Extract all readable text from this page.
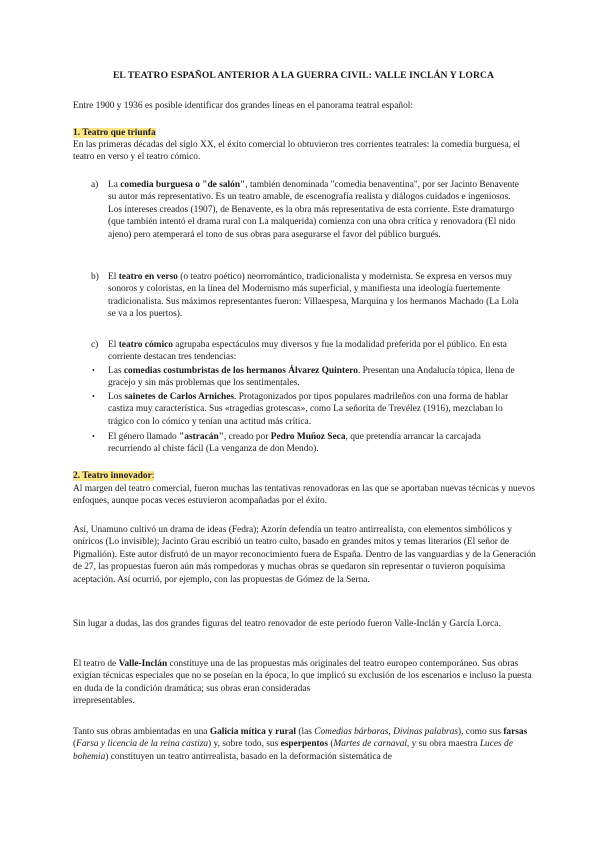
EL TEATRO ESPAÑOL ANTERIOR A LA GUERRA CIVIL: VALLE INCLÁN Y LORCA
Entre 1900 y 1936 es posible identificar dos grandes líneas en el panorama teatral español:
1. Teatro que triunfa
En las primeras décadas del siglo XX, el éxito comercial lo obtuvieron tres corrientes teatrales: la comedia burguesa, el teatro en verso y el teatro cómico.
a) La comedia burguesa o "de salón", también denominada "comedia benaventina", por ser Jacinto Benavente su autor más representativo. Es un teatro amable, de escenografía realista y diálogos cuidados e ingeniosos. Los intereses creados (1907), de Benavente, es la obra más representativa de esta corriente. Este dramaturgo (que también intentó el drama rural con La malquerida) comienza con una obra crítica y renovadora (El nido ajeno) pero atemperará el tono de sus obras para asegurarse el favor del público burgués.
b) El teatro en verso (o teatro poético) neorromántico, tradicionalista y modernista. Se expresa en versos muy sonoros y coloristas, en la línea del Modernismo más superficial, y manifiesta una ideología fuertemente tradicionalista. Sus máximos representantes fueron: Villaespesa, Marquina y los hermanos Machado (La Lola se va a los puertos).
c) El teatro cómico agrupaba espectáculos muy diversos y fue la modalidad preferida por el público. En esta corriente destacan tres tendencias:
• Las comedias costumbristas de los hermanos Álvarez Quintero. Presentan una Andalucía tópica, llena de gracejo y sin más problemas que los sentimentales.
• Los sainetes de Carlos Arniches. Protagonizados por tipos populares madrileños con una forma de hablar castiza muy característica. Sus «tragedias grotescas», como La señorita de Trevélez (1916), mezclaban lo trágico con lo cómico y tenían una actitud más crítica.
• El género llamado "astracán", creado por Pedro Muñoz Seca, que pretendía arrancar la carcajada recurriendo al chiste fácil (La venganza de don Mendo).
2. Teatro innovador:
Al margen del teatro comercial, fueron muchas las tentativas renovadoras en las que se aportaban nuevas técnicas y nuevos enfoques, aunque pocas veces estuvieron acompañadas por el éxito.
Así, Unamuno cultivó un drama de ideas (Fedra); Azorín defendía un teatro antirrealista, con elementos simbólicos y oníricos (Lo invisible); Jacinto Grau escribió un teatro culto, basado en grandes mitos y temas literarios (El señor de Pigmalión). Este autor disfrutó de un mayor reconocimiento fuera de España. Dentro de las vanguardias y de la Generación de 27, las propuestas fueron aún más rompedoras y muchas obras se quedaron sin representar o tuvieron poquísima aceptación. Así ocurrió, por ejemplo, con las propuestas de Gómez de la Serna.
Sin lugar a dudas, las dos grandes figuras del teatro renovador de este período fueron Valle-Inclán y García Lorca.
El teatro de Valle-Inclán constituye una de las propuestas más originales del teatro europeo contemporáneo. Sus obras exigían técnicas especiales que no se poseían en la época, lo que implicó su exclusión de los escenarios e incluso la puesta en duda de la condición dramática; sus obras eran consideradas
irrepresentables.
Tanto sus obras ambientadas en una Galicia mítica y rural (las Comedias bárbaras, Divinas palabras), como sus farsas (Farsa y licencia de la reina castiza) y, sobre todo, sus esperpentos (Martes de carnaval, y su obra maestra Luces de bohemia) constituyen un teatro antirrealista, basado en la deformación sistemática de
